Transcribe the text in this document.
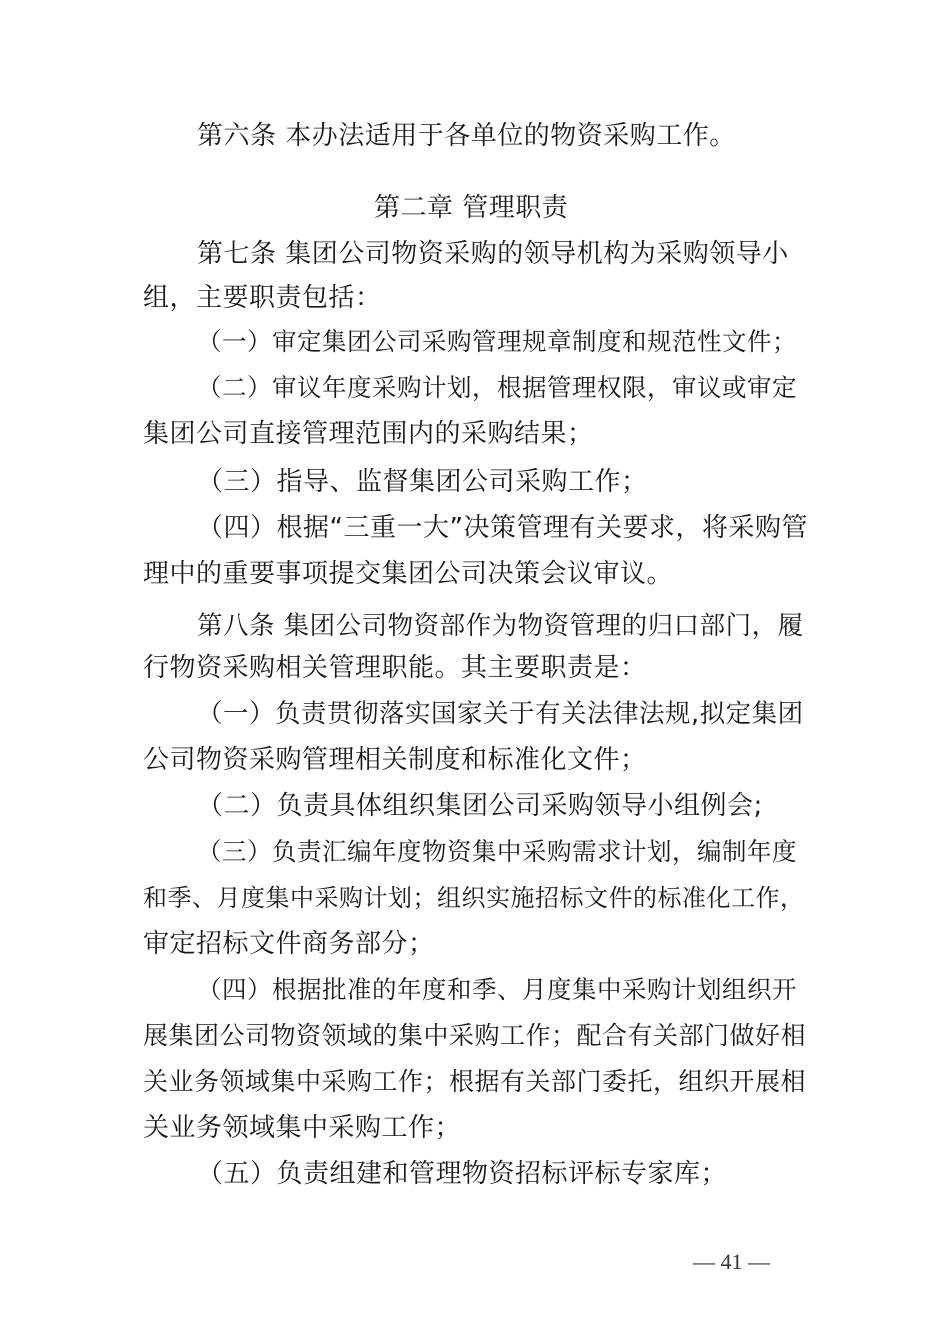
第六条 本办法适用于各单位的物资采购工作。
第二章 管理职责
第七条 集团公司物资采购的领导机构为采购领导小
组，主要职责包括：
（一）审定集团公司采购管理规章制度和规范性文件；
（二）审议年度采购计划，根据管理权限，审议或审定
集团公司直接管理范围内的采购结果；
（三）指导、监督集团公司采购工作；
（四）根据“三重一大”决策管理有关要求，将采购管
理中的重要事项提交集团公司决策会议审议。
第八条 集团公司物资部作为物资管理的归口部门，履
行物资采购相关管理职能。其主要职责是：
（一）负责贯彻落实国家关于有关法律法规,拟定集团
公司物资采购管理相关制度和标准化文件；
（二）负责具体组织集团公司采购领导小组例会;
（三）负责汇编年度物资集中采购需求计划，编制年度
和季、月度集中采购计划；组织实施招标文件的标准化工作，
审定招标文件商务部分；
（四）根据批准的年度和季、月度集中采购计划组织开
展集团公司物资领域的集中采购工作；配合有关部门做好相
关业务领域集中采购工作；根据有关部门委托，组织开展相
关业务领域集中采购工作；
（五）负责组建和管理物资招标评标专家库；
— 41 —
